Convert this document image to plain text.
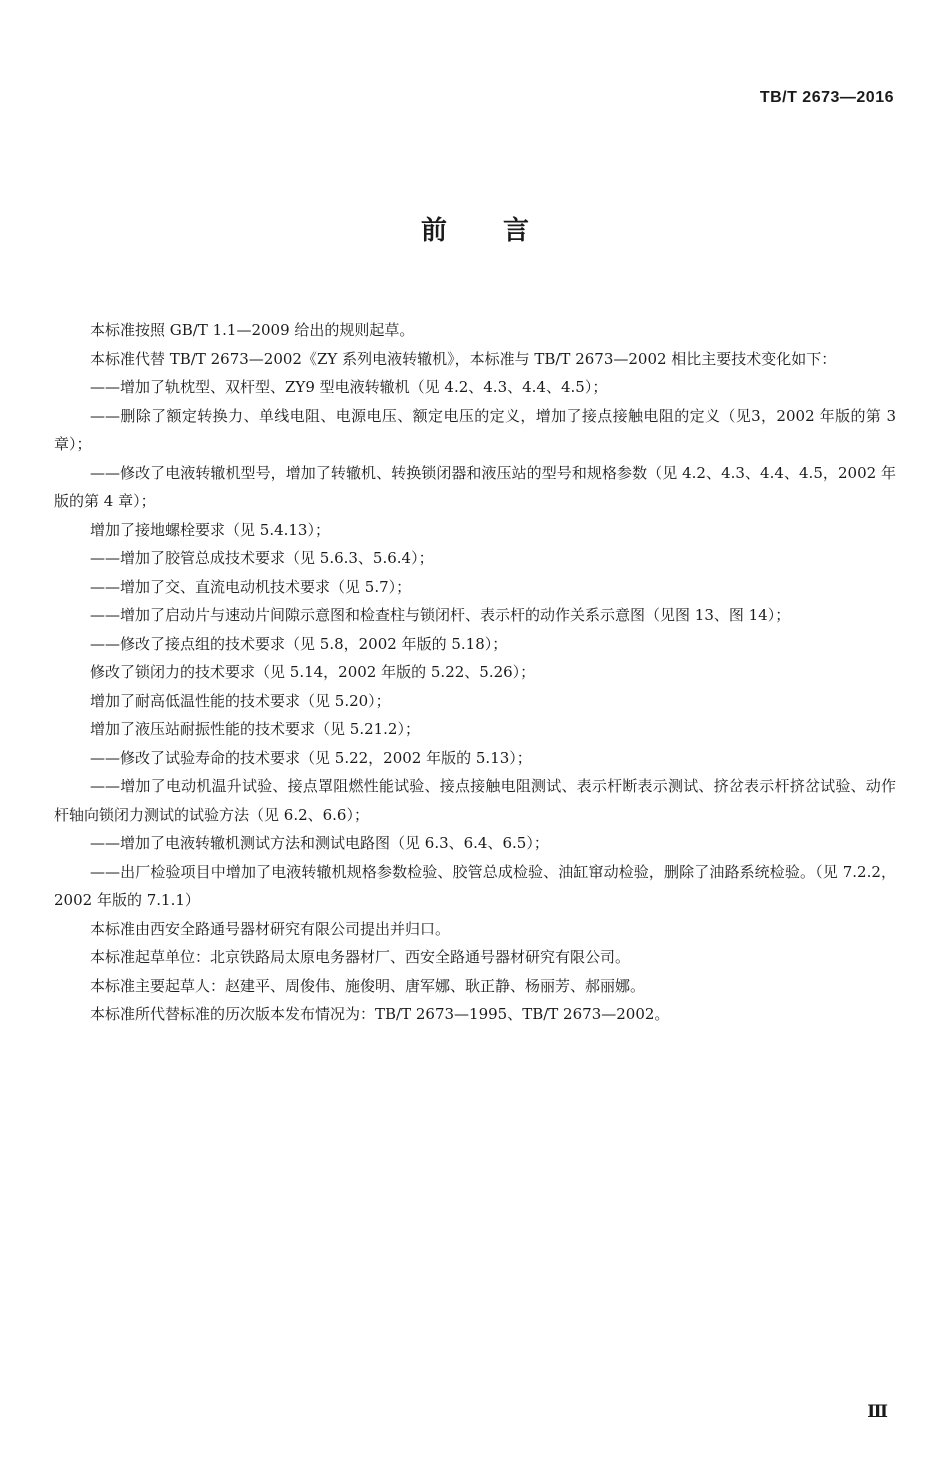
TB/T 2673—2016
前言

本标准按照 GB/T 1.1—2009 给出的规则起草。

本标准代替 TB/T 2673—2002《ZY 系列电液转辙机》，本标准与 TB/T 2673—2002 相比主要技术变化如下：

——增加了轨枕型、双杆型、ZY9 型电液转辙机（见 4.2、4.3、4.4、4.5）；

——删除了额定转换力、单线电阻、电源电压、额定电压的定义，增加了接点接触电阻的定义（见3，2002 年版的第 3 章）；

——修改了电液转辙机型号，增加了转辙机、转换锁闭器和液压站的型号和规格参数（见 4.2、4.3、4.4、4.5，2002 年版的第 4 章）；

增加了接地螺栓要求（见 5.4.13）；

——增加了胶管总成技术要求（见 5.6.3、5.6.4）；

——增加了交、直流电动机技术要求（见 5.7）；

——增加了启动片与速动片间隙示意图和检查柱与锁闭杆、表示杆的动作关系示意图（见图 13、图 14）；

——修改了接点组的技术要求（见 5.8，2002 年版的 5.18）；

修改了锁闭力的技术要求（见 5.14，2002 年版的 5.22、5.26）；

增加了耐高低温性能的技术要求（见 5.20）；

增加了液压站耐振性能的技术要求（见 5.21.2）；

——修改了试验寿命的技术要求（见 5.22，2002 年版的 5.13）；

——增加了电动机温升试验、接点罩阻燃性能试验、接点接触电阻测试、表示杆断表示测试、挤岔表示杆挤岔试验、动作杆轴向锁闭力测试的试验方法（见 6.2、6.6）；

——增加了电液转辙机测试方法和测试电路图（见 6.3、6.4、6.5）；

——出厂检验项目中增加了电液转辙机规格参数检验、胶管总成检验、油缸窜动检验，删除了油路系统检验。（见 7.2.2，2002 年版的 7.1.1）

本标准由西安全路通号器材研究有限公司提出并归口。

本标准起草单位：北京铁路局太原电务器材厂、西安全路通号器材研究有限公司。

本标准主要起草人：赵建平、周俊伟、施俊明、唐军娜、耿正静、杨丽芳、郝丽娜。

本标准所代替标准的历次版本发布情况为：TB/T 2673—1995、TB/T 2673—2002。

Ⅲ
